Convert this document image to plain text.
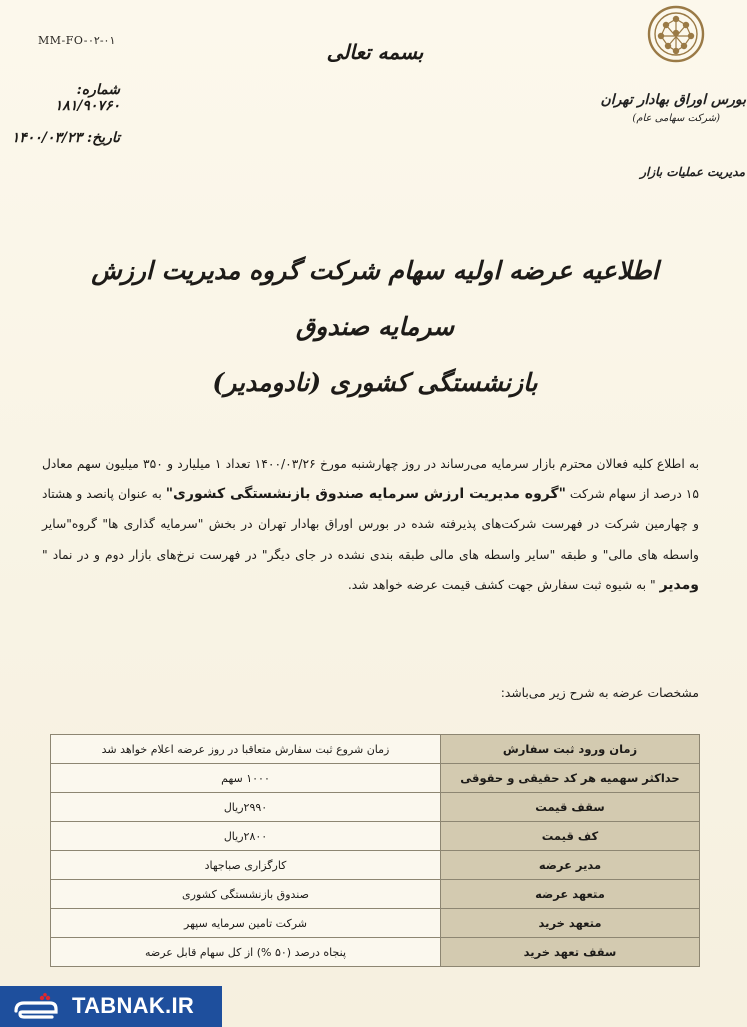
MM-FO-۰۲-۰۱	بسمه تعالی
شماره: ۱۸۱/۹۰۷۶۰
تاریخ: ۱۴۰۰/۰۳/۲۳
بورس اوراق بهادار تهران
(شرکت سهامی عام)
مدیریت عملیات بازار
اطلاعیه عرضه اولیه سهام شرکت گروه مدیریت ارزش سرمایه صندوق
بازنشستگی کشوری (نادومدیر)
به اطلاع کلیه فعالان محترم بازار سرمایه می‌رساند در روز چهارشنبه مورخ ۱۴۰۰/۰۳/۲۶ تعداد ۱ میلیارد و ۳۵۰ میلیون سهم معادل ۱۵ درصد از سهام شرکت "گروه مدیریت ارزش سرمایه صندوق بازنشستگی کشوری" به عنوان پانصد و هشتاد و چهارمین شرکت در فهرست شرکت‌های پذیرفته شده در بورس اوراق بهادار تهران در بخش "سرمایه گذاری ها" گروه"سایر واسطه های مالی" و طبقه "سایر واسطه های مالی طبقه بندی نشده در جای دیگر" در فهرست نرخ‌های بازار دوم و در نماد " ومدیر " به شیوه ثبت سفارش جهت کشف قیمت عرضه خواهد شد.
مشخصات عرضه به شرح زیر می‌باشد:
زمان ورود ثبت سفارش	زمان شروع ثبت سفارش متعاقبا در روز عرضه اعلام خواهد شد
حداکثر سهمیه هر کد حقیقی و حقوقی	۱۰۰۰ سهم
سقف قیمت	۲۹۹۰ریال
کف قیمت	۲۸۰۰ریال
مدیر عرضه	کارگزاری صباجهاد
متعهد عرضه	صندوق بازنشستگی کشوری
متعهد خرید	شرکت تامین سرمایه سپهر
سقف تعهد خرید	پنجاه درصد (۵۰ %) از کل سهام قابل عرضه
TABNAK.IR
